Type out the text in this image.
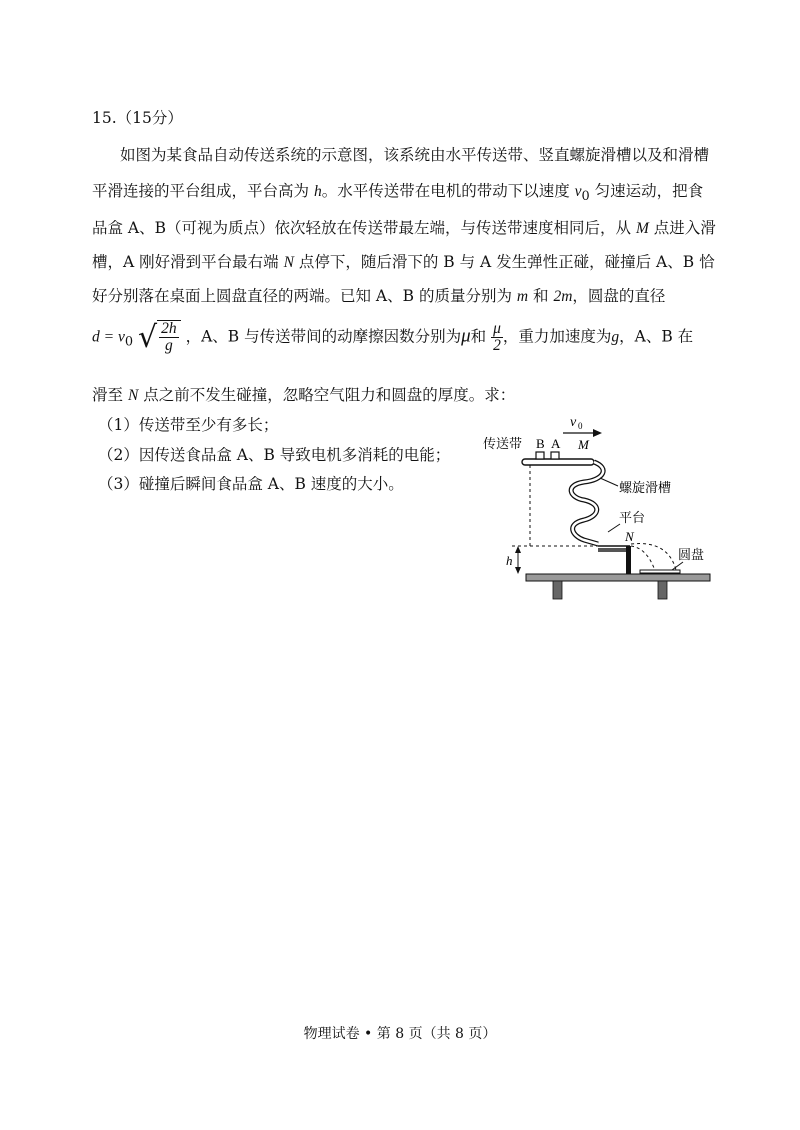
15.（15分）
如图为某食品自动传送系统的示意图，该系统由水平传送带、竖直螺旋滑槽以及和滑槽
平滑连接的平台组成，平台高为 h。水平传送带在电机的带动下以速度 $v_0$ 匀速运动，把食
品盒 A、B（可视为质点）依次轻放在传送带最左端，与传送带速度相同后，从 M 点进入滑
槽，A 刚好滑到平台最右端 N 点停下，随后滑下的 B 与 A 发生弹性正碰，碰撞后 A、B 恰
好分别落在桌面上圆盘直径的两端。已知 A、B 的质量分别为 m 和 2m，圆盘的直径
$d = v_0$ √ $\frac{2h}{g}$ ，A、B 与传送带间的动摩擦因数分别为μ和 $\frac{\mu}{2}$ ，重力加速度为g，A、B 在
滑至 N 点之前不发生碰撞，忽略空气阻力和圆盘的厚度。求：
（1）传送带至少有多长；
（2）因传送食品盒 A、B 导致电机多消耗的电能；
（3）碰撞后瞬间食品盒 A、B 速度的大小。
v 0
传送带 B A M
螺旋滑槽
平台
N
h	圆盘
物理试卷 • 第 8 页（共 8 页）
